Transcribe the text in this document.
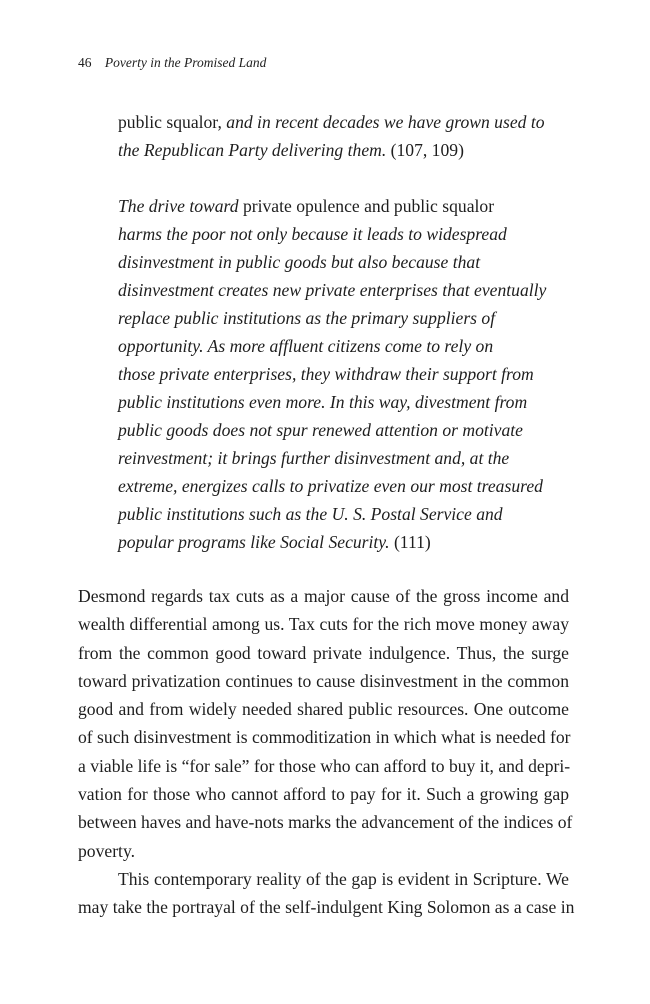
46 Poverty in the Promised Land
public squalor, and in recent decades we have grown used to
the Republican Party delivering them. (107, 109)
The drive toward private opulence and public squalor
harms the poor not only because it leads to widespread
disinvestment in public goods but also because that
disinvestment creates new private enterprises that eventually
replace public institutions as the primary suppliers of
opportunity. As more affluent citizens come to rely on
those private enterprises, they withdraw their support from
public institutions even more. In this way, divestment from
public goods does not spur renewed attention or motivate
reinvestment; it brings further disinvestment and, at the
extreme, energizes calls to privatize even our most treasured
public institutions such as the U. S. Postal Service and
popular programs like Social Security. (111)
Desmond regards tax cuts as a major cause of the gross income and
wealth differential among us. Tax cuts for the rich move money away
from the common good toward private indulgence. Thus, the surge
toward privatization continues to cause disinvestment in the common
good and from widely needed shared public resources. One outcome
of such disinvestment is commoditization in which what is needed for
a viable life is “for sale” for those who can afford to buy it, and depri-
vation for those who cannot afford to pay for it. Such a growing gap
between haves and have-nots marks the advancement of the indices of
poverty.
This contemporary reality of the gap is evident in Scripture. We
may take the portrayal of the self-indulgent King Solomon as a case in
